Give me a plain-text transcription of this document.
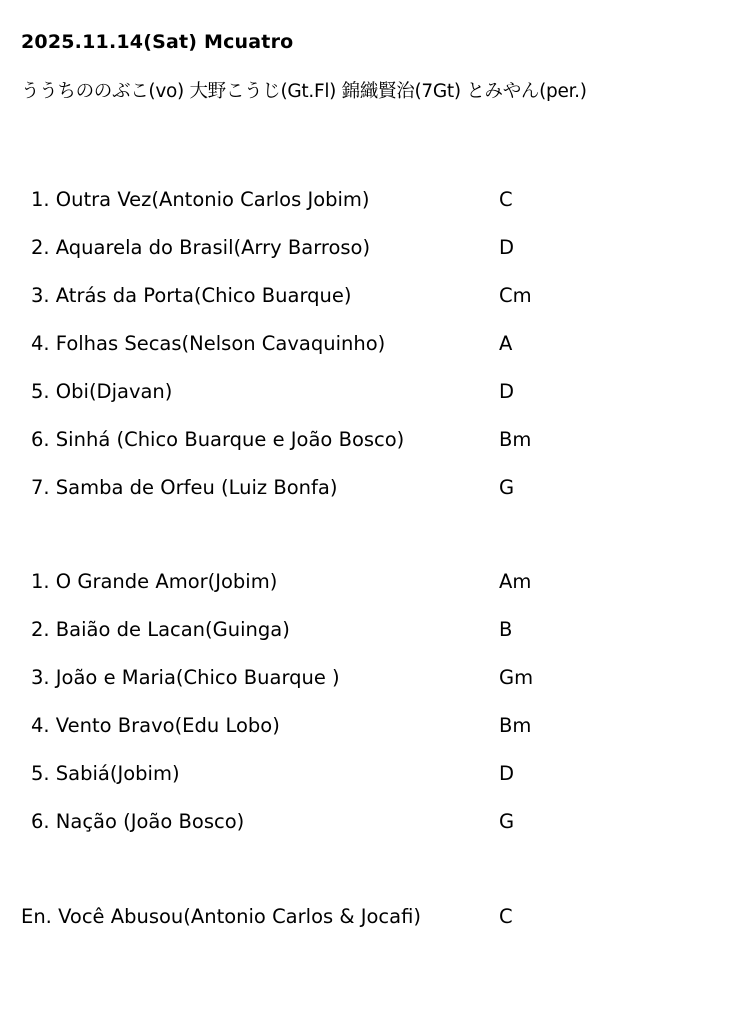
2025.11.14(Sat) Mcuatro
ううちののぶこ(vo) 大野こうじ(Gt.Fl) 錦織賢治(7Gt) とみやん(per.)
1. Outra Vez(Antonio Carlos Jobim)	C
2. Aquarela do Brasil(Arry Barroso)	D
3. Atrás da Porta(Chico Buarque)	Cm
4. Folhas Secas(Nelson Cavaquinho)	A
5. Obi(Djavan)	D
6. Sinhá (Chico Buarque e João Bosco)	Bm
7. Samba de Orfeu (Luiz Bonfa)	G
1. O Grande Amor(Jobim)	Am
2. Baião de Lacan(Guinga)	B
3. João e Maria(Chico Buarque )	Gm
4. Vento Bravo(Edu Lobo)	Bm
5. Sabiá(Jobim)	D
6. Nação (João Bosco)	G
En. Você Abusou(Antonio Carlos & Jocafi)	C
